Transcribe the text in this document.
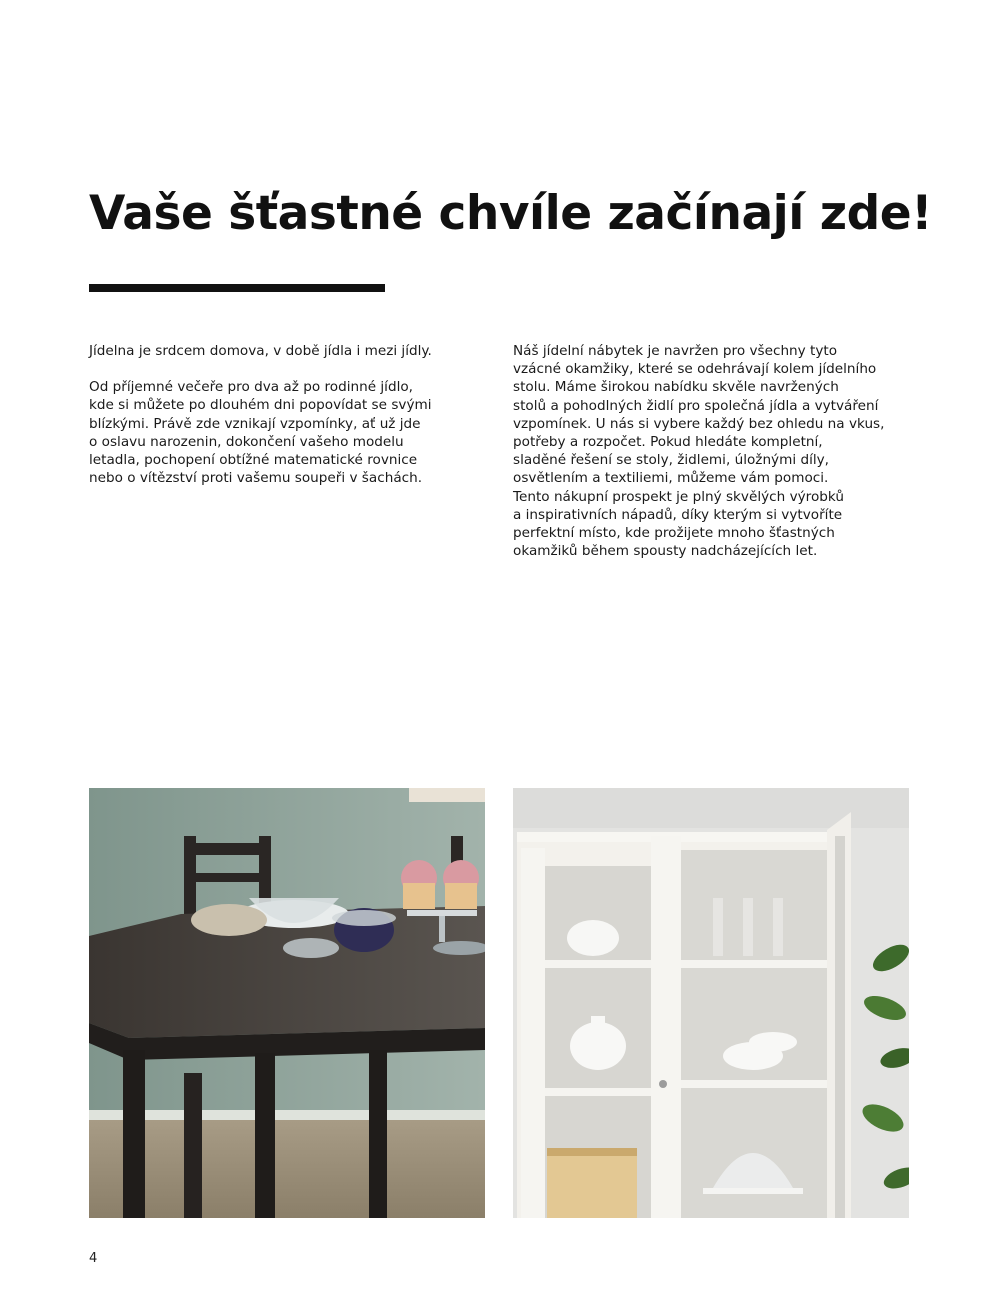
Vaše šťastné chvíle začínají zde!

Jídelna je srdcem domova, v době jídla i mezi jídly.

Od příjemné večeře pro dva až po rodinné jídlo,
kde si můžete po dlouhém dni popovídat se svými
blízkými. Právě zde vznikají vzpomínky, ať už jde
o oslavu narozenin, dokončení vašeho modelu
letadla, pochopení obtížné matematické rovnice
nebo o vítězství proti vašemu soupeři v šachách.

Náš jídelní nábytek je navržen pro všechny tyto
vzácné okamžiky, které se odehrávají kolem jídelního
stolu. Máme širokou nabídku skvěle navržených
stolů a pohodlných židlí pro společná jídla a vytváření
vzpomínek. U nás si vybere každý bez ohledu na vkus,
potřeby a rozpočet. Pokud hledáte kompletní,
sladěné řešení se stoly, židlemi, úložnými díly,
osvětlením a textiliemi, můžeme vám pomoci.
Tento nákupní prospekt je plný skvělých výrobků
a inspirativních nápadů, díky kterým si vytvoříte
perfektní místo, kde prožijete mnoho šťastných
okamžiků během spousty nadcházejících let.

4
